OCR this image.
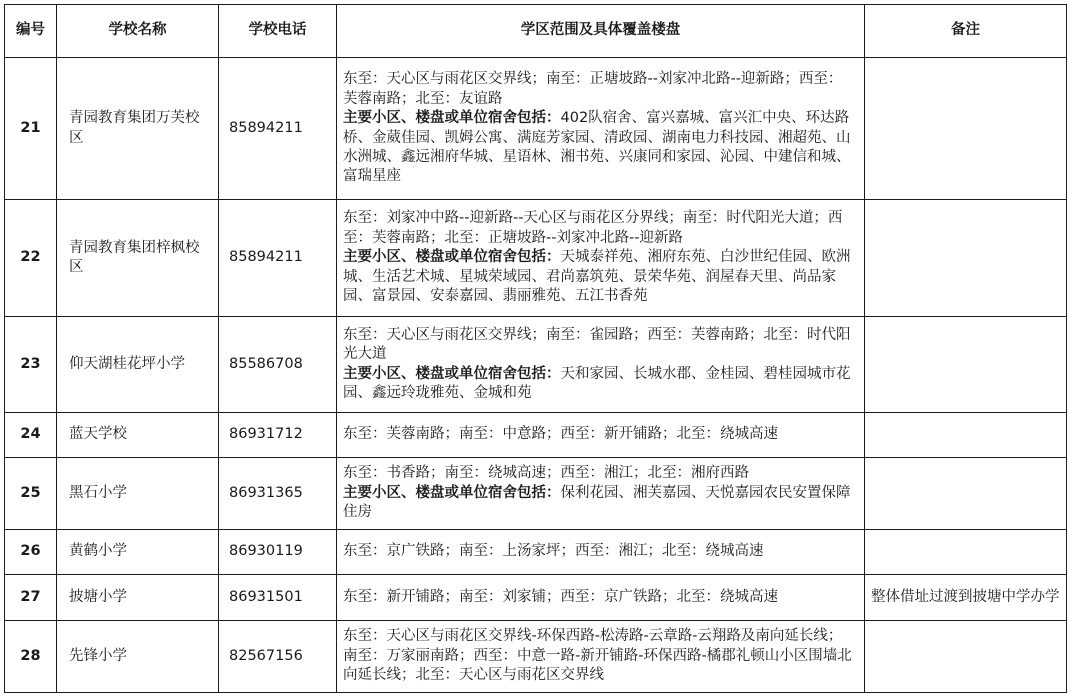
编号	学校名称	学校电话	学区范围及具体覆盖楼盘	备注
21	青园教育集团万芙校区	85894211	东至：天心区与雨花区交界线；南至：正塘坡路--刘家冲北路--迎新路；西至：芙蓉南路；北至：友谊路

主要小区、楼盘或单位宿舍包括：402队宿舍、富兴嘉城、富兴汇中央、环达路桥、金葳佳园、凯姆公寓、满庭芳家园、清政园、湖南电力科技园、湘超苑、山水洲城、鑫远湘府华城、星语林、湘书苑、兴康同和家园、沁园、中建信和城、富瑞星座	

22	青园教育集团梓枫校区	85894211	东至：刘家冲中路--迎新路--天心区与雨花区分界线；南至：时代阳光大道；西至：芙蓉南路；北至：正塘坡路--刘家冲北路--迎新路

主要小区、楼盘或单位宿舍包括：天城泰祥苑、湘府东苑、白沙世纪佳园、欧洲城、生活艺术城、星城荣域园、君尚嘉筑苑、景荣华苑、润屋春天里、尚品家园、富景园、安泰嘉园、翡丽雅苑、五江书香苑	

23	仰天湖桂花坪小学	85586708	东至：天心区与雨花区交界线；南至：雀园路；西至：芙蓉南路；北至：时代阳光大道

主要小区、楼盘或单位宿舍包括：天和家园、长城水郡、金桂园、碧桂园城市花园、鑫远玲珑雅苑、金城和苑	

24	蓝天学校	86931712	东至：芙蓉南路；南至：中意路；西至：新开铺路；北至：绕城高速	

25	黑石小学	86931365	东至：书香路；南至：绕城高速；西至：湘江；北至：湘府西路

主要小区、楼盘或单位宿舍包括：保利花园、湘芙嘉园、天悦嘉园农民安置保障住房	

26	黄鹤小学	86930119	东至：京广铁路；南至：上汤家坪；西至：湘江；北至：绕城高速	

27	披塘小学	86931501	东至：新开铺路；南至：刘家铺；西至：京广铁路；北至：绕城高速	整体借址过渡到披塘中学办学
28	先锋小学	82567156	东至：天心区与雨花区交界线-环保西路-松涛路-云章路-云翔路及南向延长线；南至：万家丽南路；西至：中意一路-新开铺路-环保西路-橘郡礼顿山小区围墙北向延长线；北至：天心区与雨花区交界线	
